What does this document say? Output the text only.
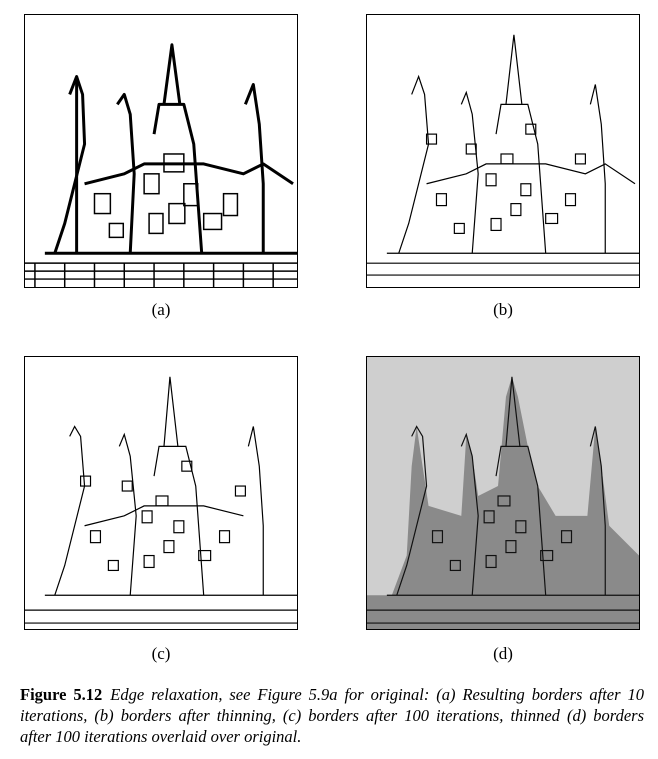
(a)	(b)
(c)	(d)
Figure 5.12 Edge relaxation, see Figure 5.9a for original: (a) Resulting borders after 10 iterations, (b) borders after thinning, (c) borders after 100 iterations, thinned (d) borders after 100 iterations overlaid over original.
